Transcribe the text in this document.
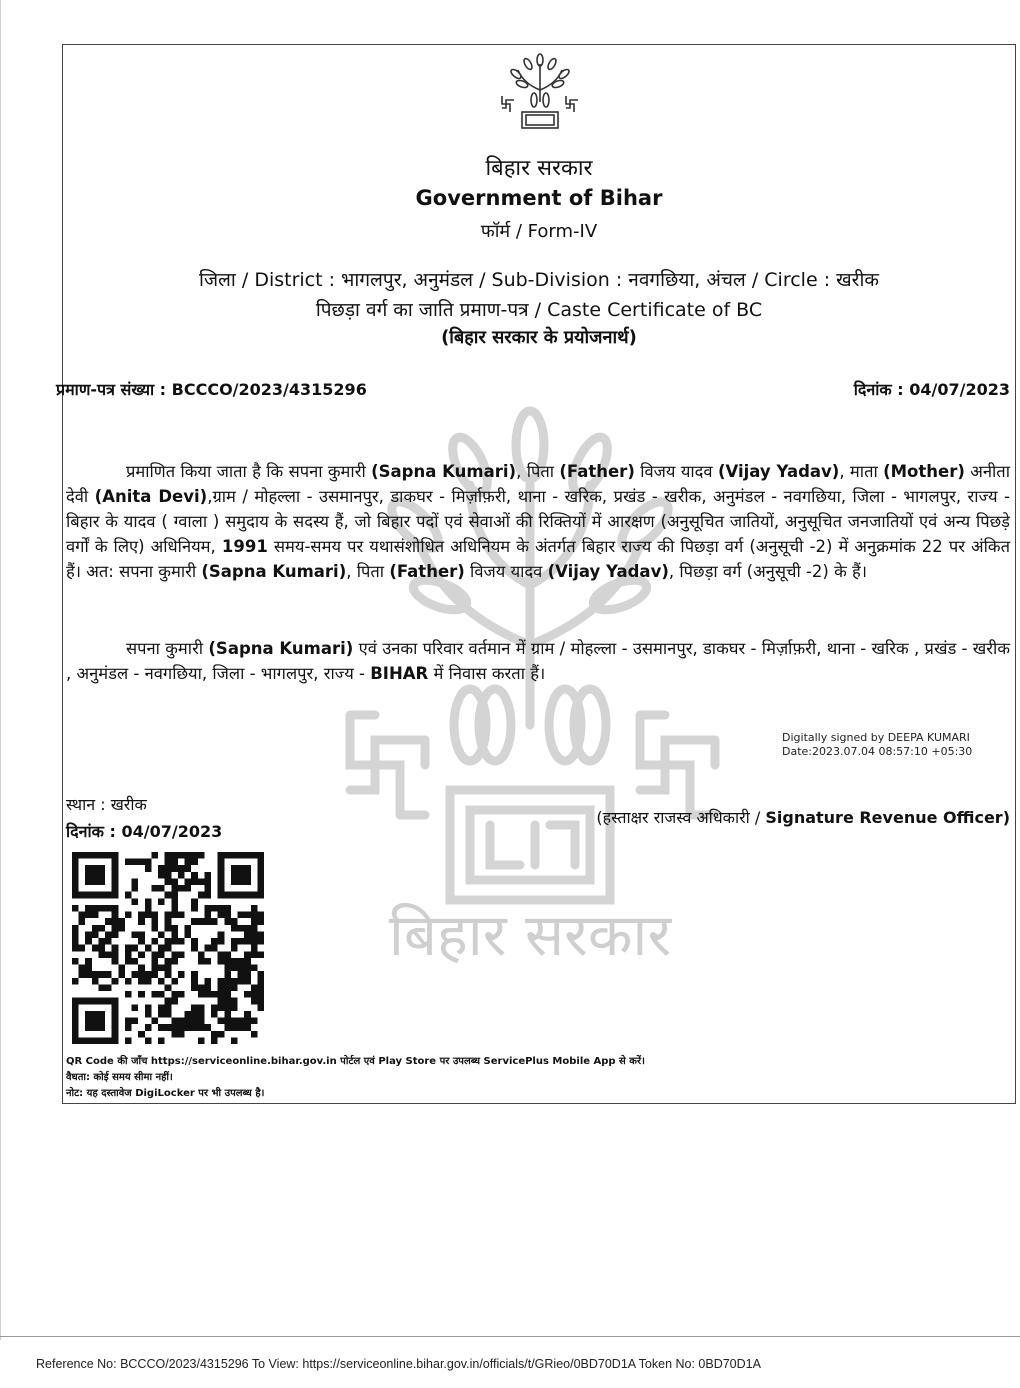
बिहार सरकार
बिहार सरकार
Government of Bihar
फॉर्म / Form-IV
जिला / District : भागलपुर, अनुमंडल / Sub-Division : नवगछिया, अंचल / Circle : खरीक
पिछड़ा वर्ग का जाति प्रमाण-पत्र / Caste Certificate of BC
(बिहार सरकार के प्रयोजनार्थ)
प्रमाण-पत्र संख्या : BCCCO/2023/4315296	दिनांक : 04/07/2023
प्रमाणित किया जाता है कि सपना कुमारी (Sapna Kumari), पिता (Father) विजय यादव (Vijay Yadav), माता (Mother) अनीता देवी (Anita Devi),ग्राम / मोहल्ला - उसमानपुर, डाकघर - मिर्ज़ाफ़री, थाना - खरिक, प्रखंड - खरीक, अनुमंडल - नवगछिया, जिला - भागलपुर, राज्य - बिहार के यादव ( ग्वाला ) समुदाय के सदस्य हैं, जो बिहार पदों एवं सेवाओं की रिक्तियों में आरक्षण (अनुसूचित जातियों, अनुसूचित जनजातियों एवं अन्य पिछड़े वर्गों के लिए) अधिनियम, 1991 समय-समय पर यथासंशोधित अधिनियम के अंतर्गत बिहार राज्य की पिछड़ा वर्ग (अनुसूची -2) में अनुक्रमांक 22 पर अंकित हैं। अत: सपना कुमारी (Sapna Kumari), पिता (Father) विजय यादव (Vijay Yadav), पिछड़ा वर्ग (अनुसूची -2) के हैं।
सपना कुमारी (Sapna Kumari) एवं उनका परिवार वर्तमान में ग्राम / मोहल्ला - उसमानपुर, डाकघर - मिर्ज़ाफ़री, थाना - खरिक , प्रखंड - खरीक , अनुमंडल - नवगछिया, जिला - भागलपुर, राज्य - BIHAR में निवास करता हैं।
Digitally signed by DEEPA KUMARI
Date:2023.07.04 08:57:10 +05:30
स्थान : खरीक
दिनांक : 04/07/2023
(हस्ताक्षर राजस्व अधिकारी / Signature Revenue Officer)
QR Code की जाँच https://serviceonline.bihar.gov.in पोर्टल एवं Play Store पर उपलब्ध ServicePlus Mobile App से करें।
वैधता: कोई समय सीमा नहीं।
नोट: यह दस्तावेज DigiLocker पर भी उपलब्ध है।
Reference No: BCCCO/2023/4315296 To View: https://serviceonline.bihar.gov.in/officials/t/GRieo/0BD70D1A Token No: 0BD70D1A
